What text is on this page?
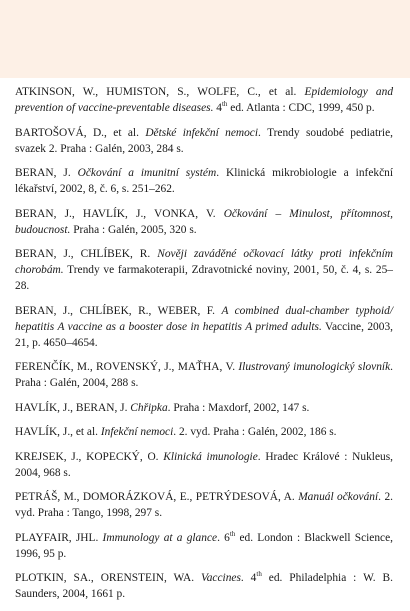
ATKINSON, W., HUMISTON, S., WOLFE, C., et al. Epidemiology and prevention of vaccine-preventable diseases. 4th ed. Atlanta : CDC, 1999, 450 p.
BARTOŠOVÁ, D., et al. Dětské infekční nemoci. Trendy soudobé pediatrie, svazek 2. Praha : Galén, 2003, 284 s.
BERAN, J. Očkování a imunitní systém. Klinická mikrobiologie a infekční lékařství, 2002, 8, č. 6, s. 251–262.
BERAN, J., HAVLÍK, J., VONKA, V. Očkování – Minulost, přítomnost, budoucnost. Praha : Galén, 2005, 320 s.
BERAN, J., CHLÍBEK, R. Nověji zaváděné očkovací látky proti infekčním chorobám. Trendy ve farmakoterapii, Zdravotnické noviny, 2001, 50, č. 4, s. 25–28.
BERAN, J., CHLÍBEK, R., WEBER, F. A combined dual-chamber typhoid/ hepatitis A vaccine as a booster dose in hepatitis A primed adults. Vaccine, 2003, 21, p. 4650–4654.
FERENČÍK, M., ROVENSKÝ, J., MAŤHA, V. Ilustrovaný imunologický slovník. Praha : Galén, 2004, 288 s.
HAVLÍK, J., BERAN, J. Chřipka. Praha : Maxdorf, 2002, 147 s.
HAVLÍK, J., et al. Infekční nemoci. 2. vyd. Praha : Galén, 2002, 186 s.
KREJSEK, J., KOPECKÝ, O. Klinická imunologie. Hradec Králové : Nukleus, 2004, 968 s.
PETRÁŠ, M., DOMORÁZKOVÁ, E., PETRÝDESOVÁ, A. Manuál očkování. 2. vyd. Praha : Tango, 1998, 297 s.
PLAYFAIR, JHL. Immunology at a glance. 6th ed. London : Blackwell Science, 1996, 95 p.
PLOTKIN, SA., ORENSTEIN, WA. Vaccines. 4th ed. Philadelphia : W. B. Saunders, 2004, 1661 p.
